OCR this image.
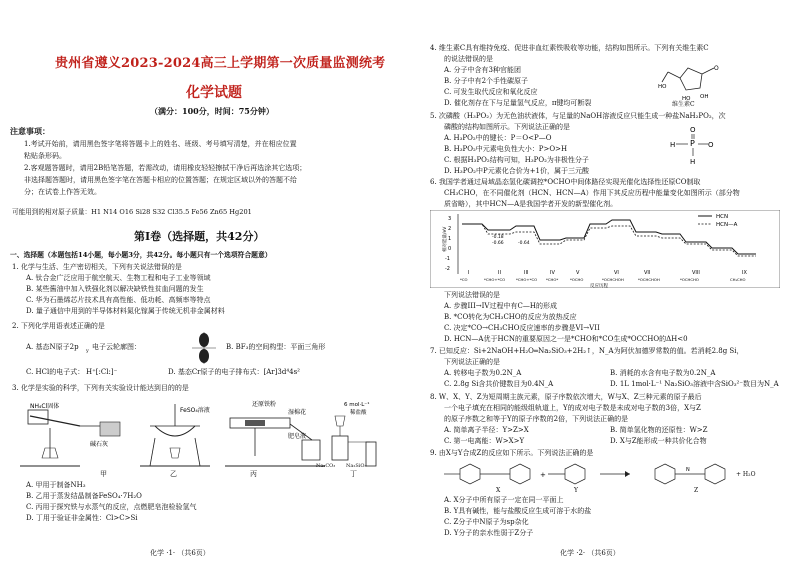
贵州省遵义2023-2024高三上学期第一次质量监测统考
化学试题
（满分：100分，时间：75分钟）
注意事项：
1.考试开始前，请用黑色签字笔将答题卡上的姓名、班级、考号填写清楚，并在相应位置
粘贴条形码。
2.客观题答题时，请用2B铅笔答题，若需改动，请用橡皮轻轻擦拭干净后再选涂其它选项；
非选择题答题时，请用黑色签字笔在答题卡相应的位置答题；在规定区域以外的答题不给
分；在试卷上作答无效。
可能用到的相对原子质量：H1 N14 O16 Si28 S32 Cl35.5 Fe56 Zn65 Hg201
第Ⅰ卷（选择题，共42分）
一、选择题（本题包括14小题，每小题3分，共42分。每小题只有一个选项符合题意）
1. 化学与生活、生产密切相关，下列有关说法错误的是
A. 钛合金广泛应用于航空航天、生物工程和电子工业等领域
B. 某些酱油中加入铁强化剂以解决缺铁性贫血问题的发生
C. 华为石墨烯芯片技术具有高性能、低功耗、高频率等特点
D. 量子通信中用到的半导体材料氮化镓属于传统无机非金属材料
2. 下列化学用语表述正确的是
A. 基态N原子2p y 电子云轮廓图：	B. BF₃的空间构型：平面三角形
C. HCl的电子式： H⁺[:Cl:]⁻	D. 基态Cr原子的电子排布式：[Ar]3d⁴4s²
3. 化学是实验的科学，下列有关实验设计能达到目的的是
NH₄Cl固体
碱石灰
FeSO₄溶液
还原铁粉
湿棉花
肥皂液
6 mol·L⁻¹
稀盐酸
甲	乙	丙	丁
Na₂CO₃ Na₂SiO₃
A. 甲用于制备NH₃
B. 乙用于蒸发结晶制备FeSO₄·7H₂O
C. 丙用于探究铁与水蒸气的反应，点燃肥皂泡检验氢气
D. 丁用于验证非金属性：Cl>C>Si
化学 ·1· （共6页）
4. 维生素C具有维持免疫、促进非血红素铁吸收等功能，结构如图所示。下列有关维生素C
的说法错误的是
A. 分子中含有3种官能团
B. 分子中有2个手性碳原子
C. 可发生取代反应和氧化反应
D. 催化剂存在下与足量氢气反应，π键均可断裂
O
HO
HO OH
维生素C
5. 次磷酸（H₃PO₂）为无色油状液体，与足量的NaOH溶液反应只能生成一种盐NaH₂PO₂，次
磷酸的结构如图所示。下列说法正确的是
A. H₃PO₂中的键长：P＝O<P—O
B. H₃PO₂中元素电负性大小：P>O>H
C. 根据H₃PO₂结构可知，H₃PO₂为非极性分子
D. H₃PO₂中P元素化合价为+1价，属于三元酸
P
O
H	O
H
6. 我国学者通过局域晶态氢化碳调控*OCHO中间体路径实现光催化选择性还原CO制取
CH₃CHO，在不同催化剂（HCN、HCN—A）作用下其反应历程中能量变化如图所示（部分物
质省略），其中HCN—A是我国学者开发的新型催化剂。
3
2
1
0
-1
-2
相对能量/eV
HCN
HCN—A
-0.18
-0.66	-0.64
I	II	III	IV	V	VI	VII	VIII	IX
*CO	*CHO+*CO	*CHO+*CO *CHO*	*OCHO	*OCHCHOH	*OCHCHOH	*OCHCHO	CH₃CHO
反应历程
下列说法错误的是
A. 步骤III→IV过程中有C—H的形成
B. *CO转化为CH₃CHO的反应为放热反应
C. 决定*CO→CH₃CHO反应速率的步骤是VI→VII
D. HCN—A优于HCN的重要原因之一是*CHO和*CO生成*OCCHO的ΔH<0
7. 已知反应：Si+2NaOH+H₂O═Na₂SiO₃+2H₂↑，N_A为阿伏加德罗常数的值。若消耗2.8g Si，
下列说法正确的是
A. 转移电子数为0.2N_A	B. 消耗的水含有电子数为0.2N_A
C. 2.8g Si含共价键数目为0.4N_A	D. 1L 1mol·L⁻¹ Na₂SiO₃溶液中含SiO₃²⁻数目为N_A
8. W、X、Y、Z为短周期主族元素，原子序数依次增大，W与X、Z三种元素的原子最后
一个电子填充在相同的能级组轨道上，Y的成对电子数是未成对电子数的3倍，X与Z
的原子序数之和等于Y的原子序数的2倍，下列说法正确的是
A. 简单离子半径：Y>Z>X	B. 简单氢化物的还原性：W>Z
C. 第一电离能：W>X>Y	D. X与Z能形成一种共价化合物
9. 由X与Y合成Z的反应如下所示。下列说法正确的是
+
N
X	Y	Z
+ H₂O
A. X分子中所有原子一定在同一平面上
B. Y具有碱性，能与盐酸反应生成可溶于水的盐
C. Z分子中N原子为sp杂化
D. Y分子的亲水性弱于Z分子
化学 ·2· （共6页）
